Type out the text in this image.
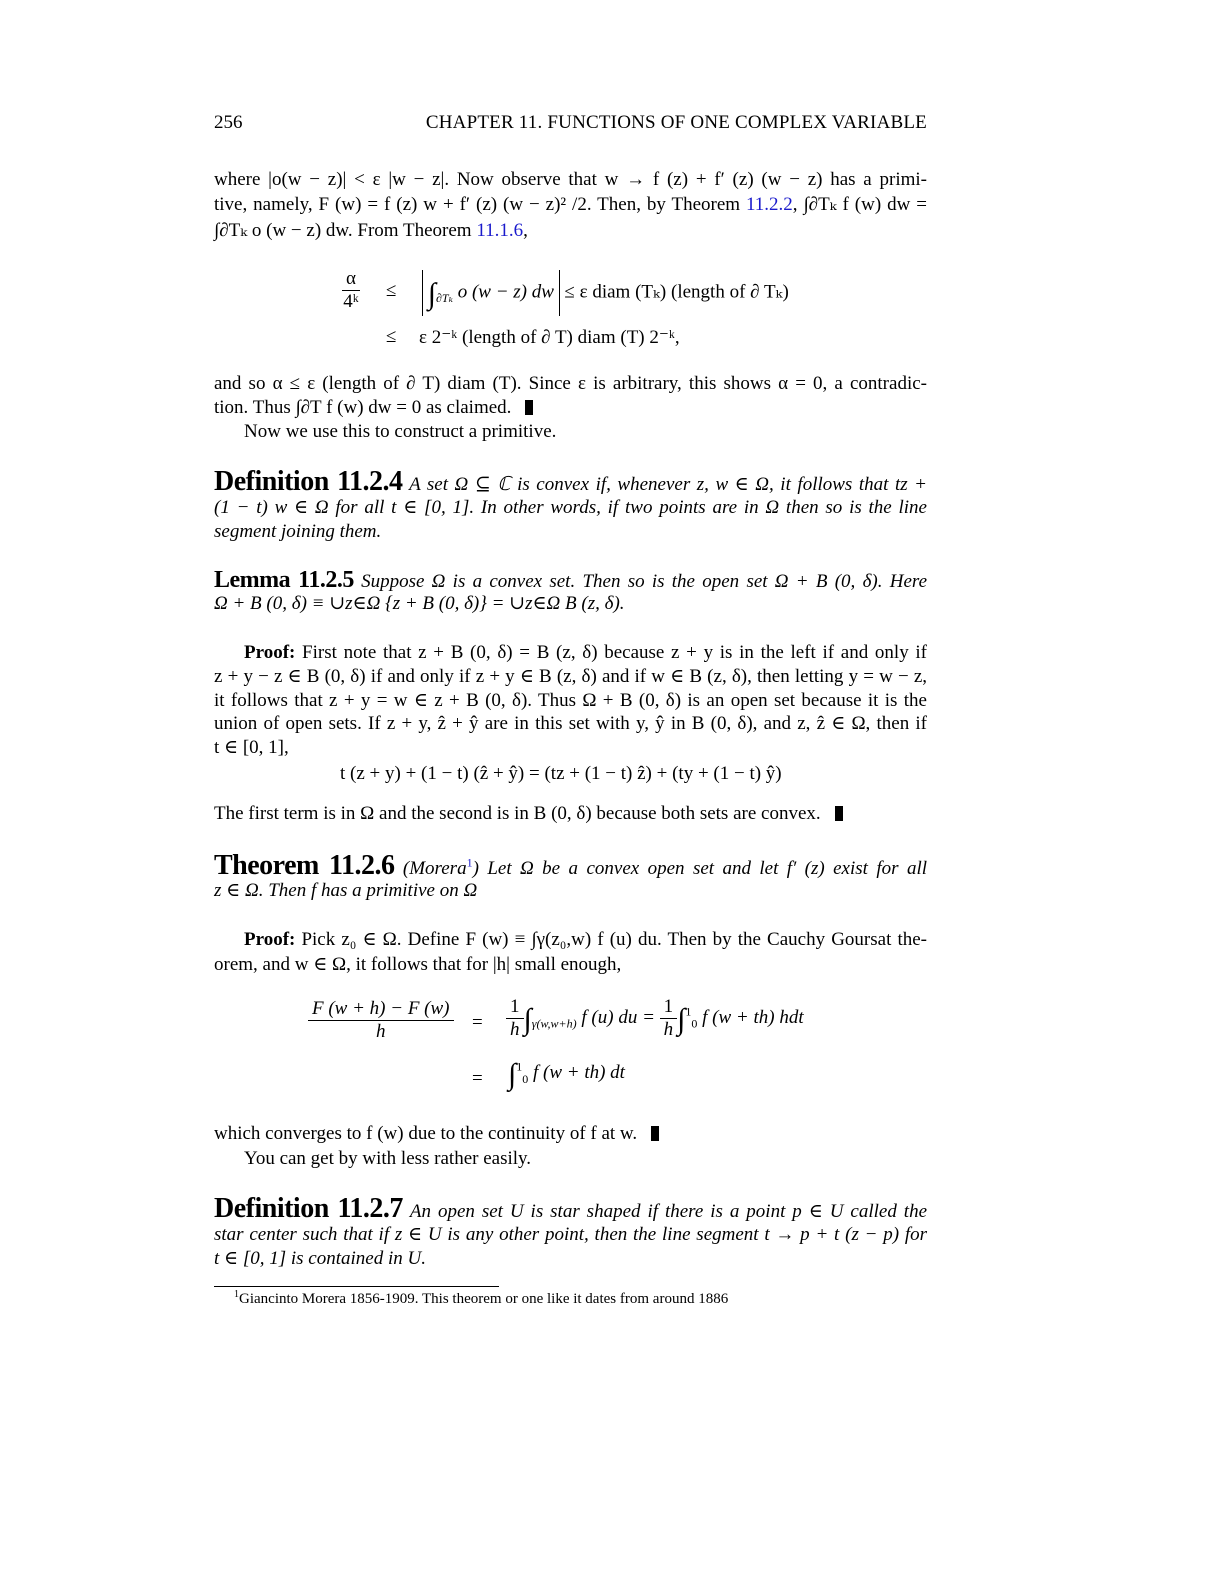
256	CHAPTER 11. FUNCTIONS OF ONE COMPLEX VARIABLE
where |o(w − z)| < ε |w − z|. Now observe that w → f (z) + f′ (z) (w − z) has a primi-
tive, namely, F (w) = f (z) w + f′ (z) (w − z)² /2. Then, by Theorem 11.2.2, ∫∂Tₖ f (w) dw =
∫∂Tₖ o (w − z) dw. From Theorem 11.1.6,
$\frac{\alpha}{\text{4ᵏ}} \le \int_{\partial T_k}$ o (w − z) dw ≤ ε diam (Tₖ) (length of ∂ Tₖ)
≤ ε 2⁻ᵏ (length of ∂ T) diam (T) 2⁻ᵏ,
and so α ≤ ε (length of ∂ T) diam (T). Since ε is arbitrary, this shows α = 0, a contradic-
tion. Thus ∫∂T f (w) dw = 0 as claimed.
Now we use this to construct a primitive.
Definition 11.2.4 A set Ω ⊆ ℂ is convex if, whenever z, w ∈ Ω, it follows that tz +
(1 − t) w ∈ Ω for all t ∈ [0, 1]. In other words, if two points are in Ω then so is the line
segment joining them.
Lemma 11.2.5 Suppose Ω is a convex set. Then so is the open set Ω + B (0, δ). Here
Ω + B (0, δ) ≡ ∪z∈Ω {z + B (0, δ)} = ∪z∈Ω B (z, δ).
Proof: First note that z + B (0, δ) = B (z, δ) because z + y is in the left if and only if
z + y − z ∈ B (0, δ) if and only if z + y ∈ B (z, δ) and if w ∈ B (z, δ), then letting y = w − z,
it follows that z + y = w ∈ z + B (0, δ). Thus Ω + B (0, δ) is an open set because it is the
union of open sets. If z + y, ẑ + ŷ are in this set with y, ŷ in B (0, δ), and z, ẑ ∈ Ω, then if
t ∈ [0, 1],
t (z + y) + (1 − t) (ẑ + ŷ) = (tz + (1 − t) ẑ) + (ty + (1 − t) ŷ)
The first term is in Ω and the second is in B (0, δ) because both sets are convex.
Theorem 11.2.6 (Morera$^1$) Let Ω be a convex open set and let f′ (z) exist for all
z ∈ Ω. Then f has a primitive on Ω
Proof: Pick z₀ ∈ Ω. Define F (w) ≡ ∫γ(z₀,w) f (u) du. Then by the Cauchy Goursat the-
orem, and w ∈ Ω, it follows that for |h| small enough,
$\frac{F (w + h) - F (w)}{h} = \frac{1}{h} \int_{\gamma(w,w+h)}$ f (u) du = $\frac{1}{h} \int^1_0$ f (w + th) hdt
= ∫$^1_0$ f (w + th) dt
which converges to f (w) due to the continuity of f at w.
You can get by with less rather easily.
Definition 11.2.7 An open set U is star shaped if there is a point p ∈ U called the
star center such that if z ∈ U is any other point, then the line segment t → p + t (z − p) for
t ∈ [0, 1] is contained in U.
$^1$Giancinto Morera 1856-1909. This theorem or one like it dates from around 1886
